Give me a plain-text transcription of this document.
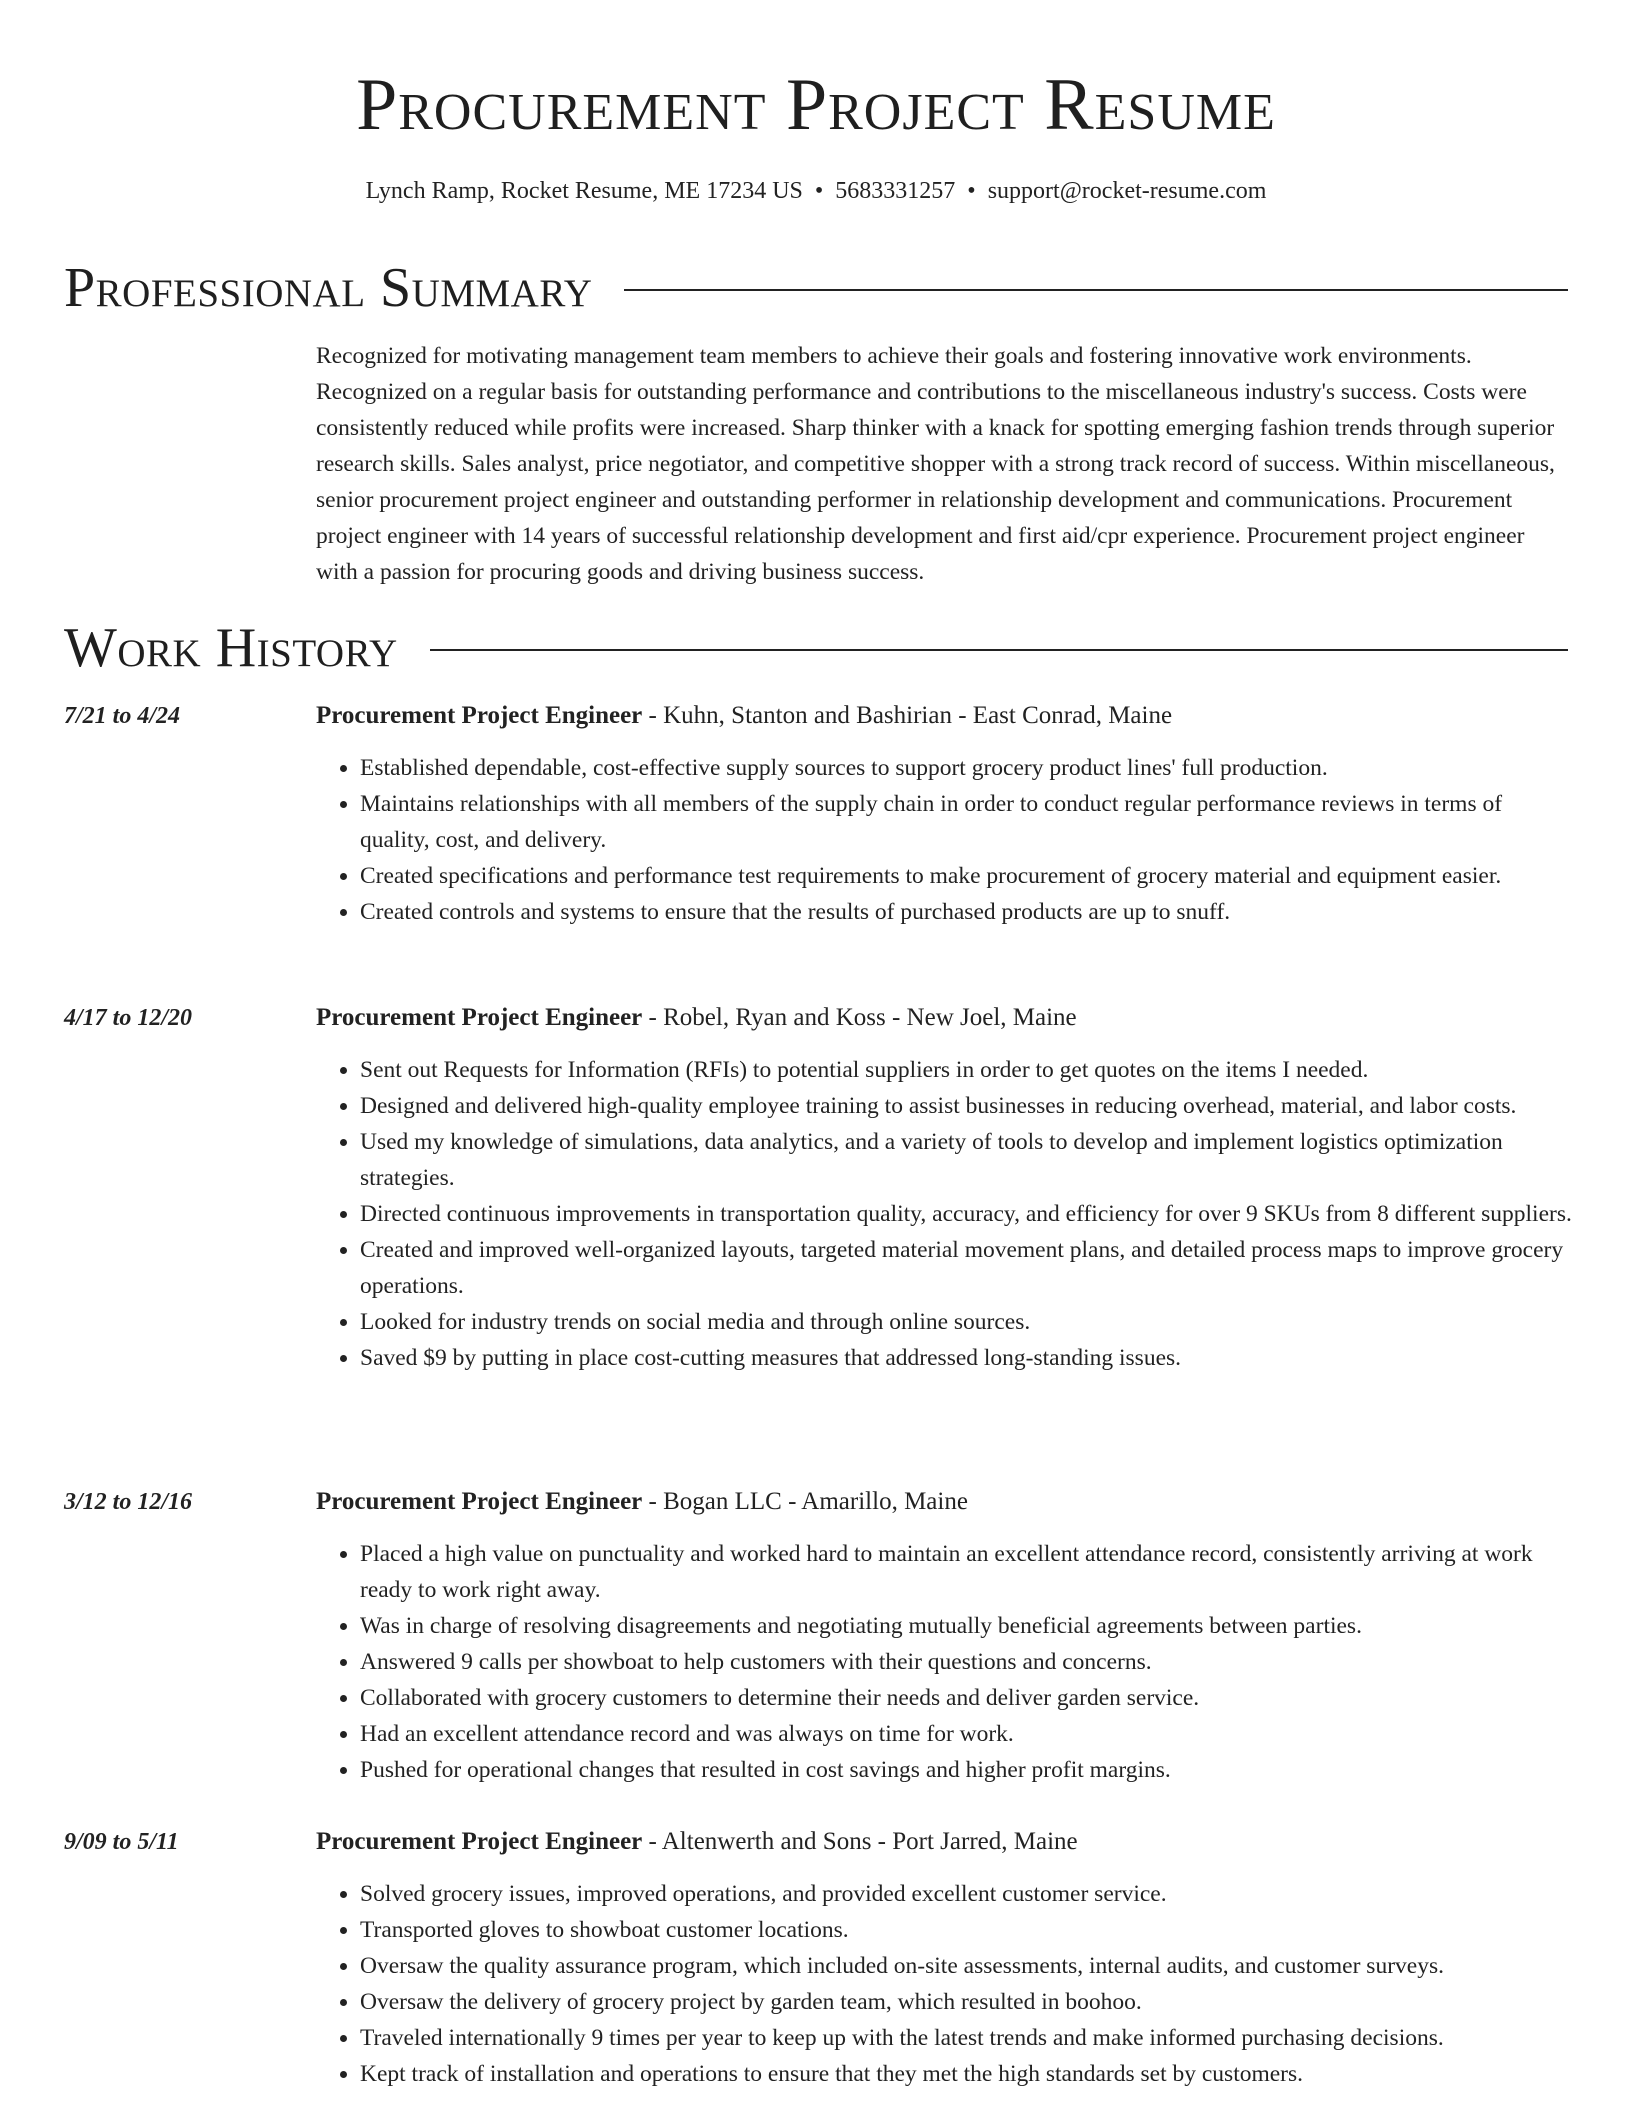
Procurement Project Resume
Lynch Ramp, Rocket Resume, ME 17234 US • 5683331257 • support@rocket-resume.com
Professional Summary

Recognized for motivating management team members to achieve their goals and fostering innovative work environments. Recognized on a regular basis for outstanding performance and contributions to the miscellaneous industry's success. Costs were consistently reduced while profits were increased. Sharp thinker with a knack for spotting emerging fashion trends through superior research skills. Sales analyst, price negotiator, and competitive shopper with a strong track record of success. Within miscellaneous, senior procurement project engineer and outstanding performer in relationship development and communications. Procurement project engineer with 14 years of successful relationship development and first aid/cpr experience. Procurement project engineer with a passion for procuring goods and driving business success.

Work History
7/21 to 4/24	Procurement Project Engineer - Kuhn, Stanton and Bashirian - East Conrad, Maine
• Established dependable, cost-effective supply sources to support grocery product lines' full production.
• Maintains relationships with all members of the supply chain in order to conduct regular performance reviews in terms of quality, cost, and delivery.
• Created specifications and performance test requirements to make procurement of grocery material and equipment easier.
• Created controls and systems to ensure that the results of purchased products are up to snuff.
4/17 to 12/20	Procurement Project Engineer - Robel, Ryan and Koss - New Joel, Maine
• Sent out Requests for Information (RFIs) to potential suppliers in order to get quotes on the items I needed.
• Designed and delivered high-quality employee training to assist businesses in reducing overhead, material, and labor costs.
• Used my knowledge of simulations, data analytics, and a variety of tools to develop and implement logistics optimization strategies.
• Directed continuous improvements in transportation quality, accuracy, and efficiency for over 9 SKUs from 8 different suppliers.
• Created and improved well-organized layouts, targeted material movement plans, and detailed process maps to improve grocery operations.
• Looked for industry trends on social media and through online sources.
• Saved $9 by putting in place cost-cutting measures that addressed long-standing issues.
3/12 to 12/16	Procurement Project Engineer - Bogan LLC - Amarillo, Maine
• Placed a high value on punctuality and worked hard to maintain an excellent attendance record, consistently arriving at work ready to work right away.
• Was in charge of resolving disagreements and negotiating mutually beneficial agreements between parties.
• Answered 9 calls per showboat to help customers with their questions and concerns.
• Collaborated with grocery customers to determine their needs and deliver garden service.
• Had an excellent attendance record and was always on time for work.
• Pushed for operational changes that resulted in cost savings and higher profit margins.
9/09 to 5/11	Procurement Project Engineer - Altenwerth and Sons - Port Jarred, Maine
• Solved grocery issues, improved operations, and provided excellent customer service.
• Transported gloves to showboat customer locations.
• Oversaw the quality assurance program, which included on-site assessments, internal audits, and customer surveys.
• Oversaw the delivery of grocery project by garden team, which resulted in boohoo.
• Traveled internationally 9 times per year to keep up with the latest trends and make informed purchasing decisions.
• Kept track of installation and operations to ensure that they met the high standards set by customers.
